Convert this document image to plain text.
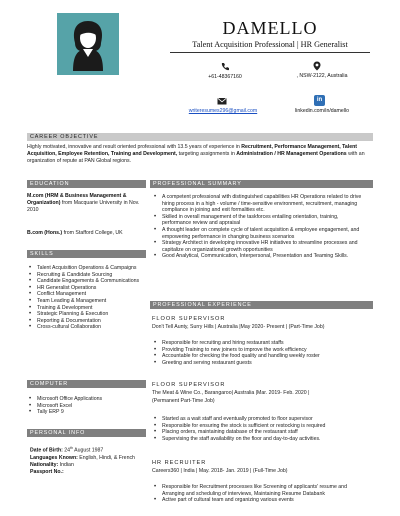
DAMELLO
Talent Acquisition Professional | HR Generalist
+61-48367160	, NSW-2122, Australia
writeresumes296@gmail.com
in
linkedin.com/in/damello
CAREER OBJECTIVE
Highly motivated, innovative and result oriented professional with 13.5 years of experience in Recruitment, Performance Management, Talent Acquisition, Employee Retention, Training and Development, targeting assignments in Administration / HR Management Operations with an organization of repute at PAN Global regions.
EDUCATION
M.com (HRM & Business Management & Organization) from Macquarie University in Nov. 2010
B.com (Hons.) from Stafford College, UK
SKILLS
• Talent Acquisition Operations & Campaigns
• Recruiting & Candidate Sourcing
• Candidate Engagements & Communications
• HR Generalist Operations
• Conflict Management
• Team Leading & Management
• Training & Development
• Strategic Planning & Execution
• Reporting & Documentation
• Cross-cultural Collaboration
COMPUTER
• Microsoft Office Applications
• Microsoft Excel
• Tally ERP 9
PERSONAL INFO
Date of Birth: 24th August 1987
Languages Known: English, Hindi, & French
Nationality: Indian
Passport No.:
PROFESSIONAL SUMMARY
• A competent professional with distinguished capabilities HR Operations related to drive hiring process in a high - volume / time-sensitive environment, recruitment, managing compliance in joining and exit formalities etc.
• Skilled in overall management of the taskforces entailing orientation, training, performance review and appraisal
• A thought leader on complete cycle of talent acquisition & employee engagement, and empowering performance in changing business scenarios
• Strategy Architect in developing innovative HR initiatives to streamline processes and capitalize on organizational growth opportunities
• Good Analytical, Communication, Interpersonal, Presentation and Teaming Skills.
PROFESSIONAL EXPERIENCE
FLOOR SUPERVISOR
Don't Tell Aunty, Surry Hills | Australia |May 2020- Present | (Part-Time Job)
• Responsible for recruiting and hiring restaurant staffs
• Providing Training to new joiners to improve the work efficiency
• Accountable for checking the food quality and handling weekly roster
• Greeting and serving restaurant guests
FLOOR SUPERVISOR
The Meat & Wine Co., Barangaroo| Australia |Mar. 2019- Feb. 2020 |
(Permanent Part-Time Job)
• Started as a wait staff and eventually promoted to floor supervisor
• Responsible for ensuring the stock is sufficient or restocking is required
• Placing orders, maintaining database of the restaurant staff
• Supervising the staff availability on the floor and day-to-day activities.
HR RECRUITER
Careers360 | India | May. 2018- Jan. 2019 | (Full-Time Job)
• Responsible for Recruitment processes like Screening of applicants' resume and Arranging and scheduling of interviews, Maintaining Resume Databank
• Active part of cultural team and organizing various events
